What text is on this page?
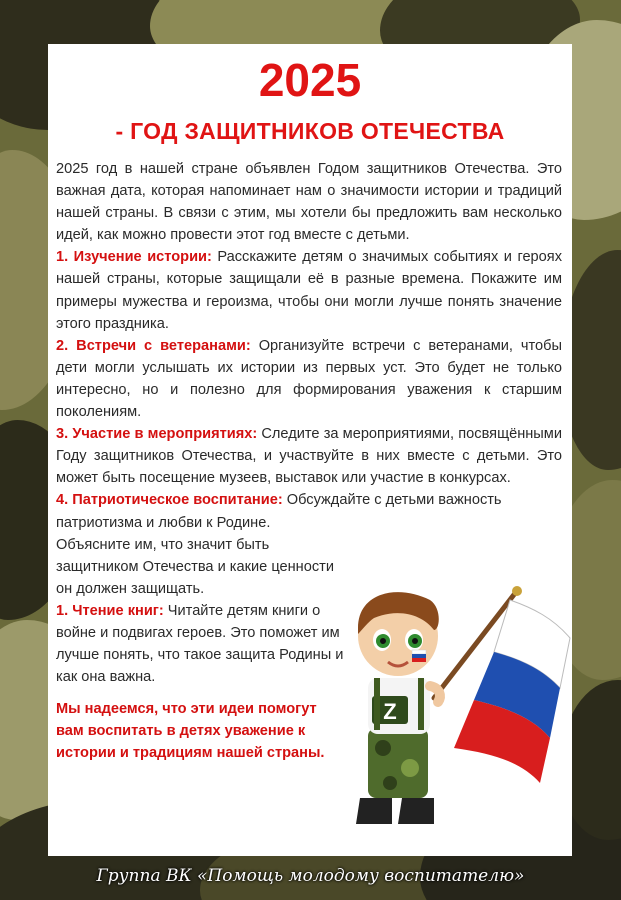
2025
- ГОД ЗАЩИТНИКОВ ОТЕЧЕСТВА

2025 год в нашей стране объявлен Годом защитников Отечества. Это важная дата, которая напоминает нам о значимости истории и традиций нашей страны. В связи с этим, мы хотели бы предложить вам несколько идей, как можно провести этот год вместе с детьми.

1. Изучение истории: Расскажите детям о значимых событиях и героях нашей страны, которые защищали её в разные времена. Покажите им примеры мужества и героизма, чтобы они могли лучше понять значение этого праздника.

2. Встречи с ветеранами: Организуйте встречи с ветеранами, чтобы дети могли услышать их истории из первых уст. Это будет не только интересно, но и полезно для формирования уважения к старшим поколениям.

3. Участие в мероприятиях: Следите за мероприятиями, посвящёнными Году защитников Отечества, и участвуйте в них вместе с детьми. Это может быть посещение музеев, выставок или участие в конкурсах.

4. Патриотическое воспитание: Обсуждайте с детьми важность

патриотизма и любви к Родине. Объясните им, что значит быть защитником Отечества и какие ценности он должен защищать.

1. Чтение книг: Читайте детям книги о войне и подвигах героев. Это поможет им лучше понять, что такое защита Родины и как она важна.

Мы надеемся, что эти идеи помогут вам воспитать в детях уважение к истории и традициям нашей страны.

Z
Группа ВК «Помощь молодому воспитателю»
